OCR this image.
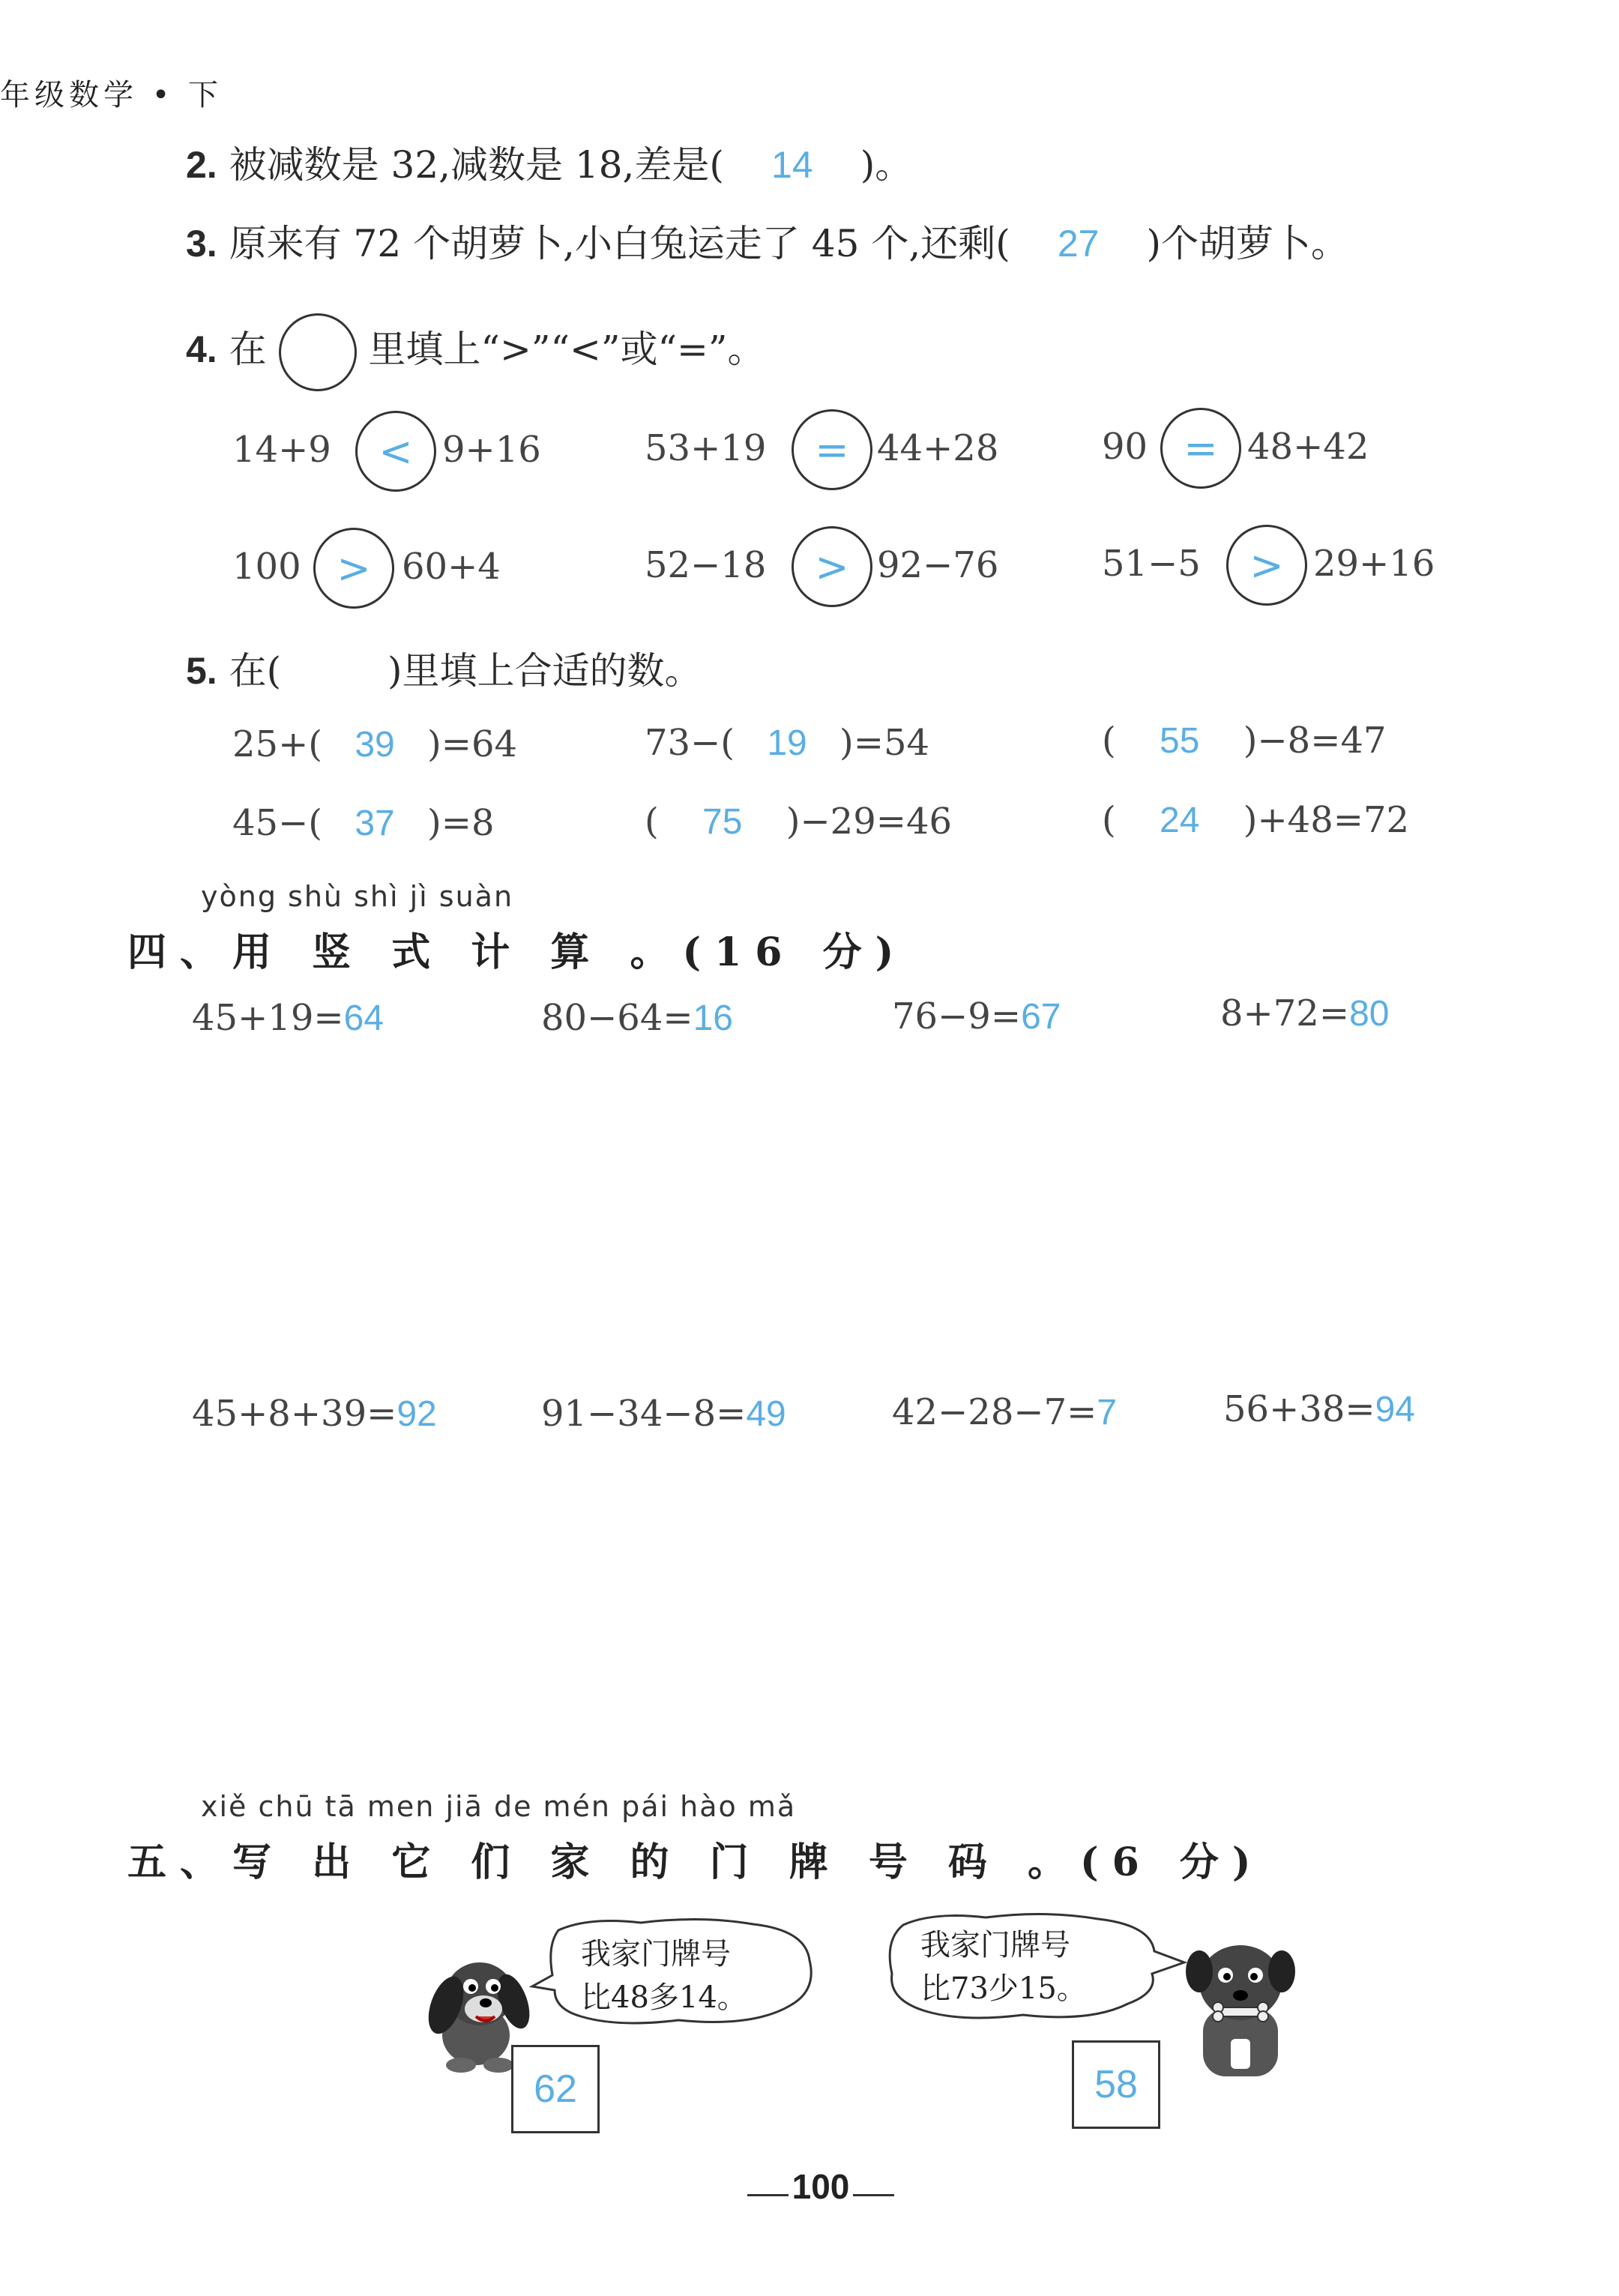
年级数学 • 下
2. 被减数是 32,减数是 18,差是( 14 )。
3. 原来有 72 个胡萝卜,小白兔运走了 45 个,还剩( 27 )个胡萝卜。
4. 在	里填上“>”“<”或“=”。
14+9	< 9+16	53+19	= 44+28	90 = 48+42
100 > 60+4	52−18	> 92−76	51−5	> 29+16
5. 在(	)里填上合适的数。
25+( 39 )=64	73−( 19 )=54	( 55 )−8=47
45−( 37 )=8	( 75 )−29=46	( 24 )+48=72
yòng shù shì jì suàn
四、用 竖 式 计 算 。(16 分)
45+19=64	80−64=16	76−9=67	8+72=80
45+8+39=92	91−34−8=49	42−28−7=7	56+38=94
xiě chū tā men jiā de mén pái hào mǎ
五、写 出 它 们 家 的 门 牌 号 码 。(6 分)
我家门牌号
比48多14。
62
我家门牌号
比73少15。
58
100
